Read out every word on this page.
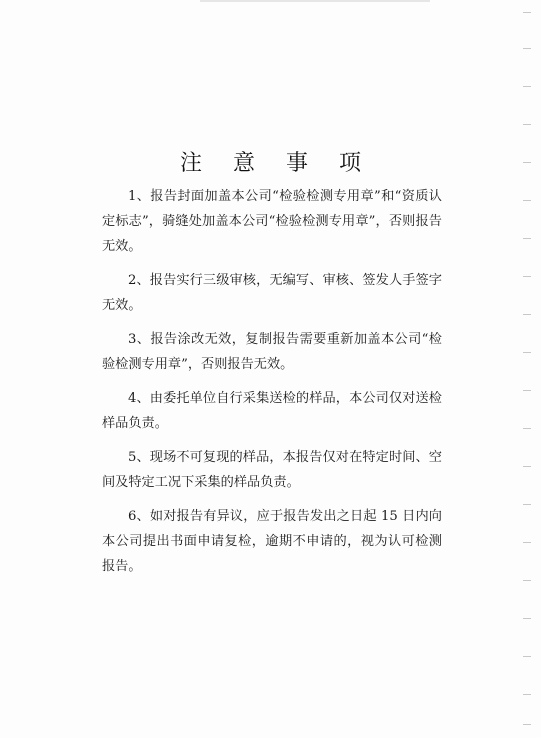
注 意 事 项

1、报告封面加盖本公司“检验检测专用章”和“资质认定标志”，骑缝处加盖本公司“检验检测专用章”，否则报告无效。

2、报告实行三级审核，无编写、审核、签发人手签字无效。

3、报告涂改无效，复制报告需要重新加盖本公司“检验检测专用章”，否则报告无效。

4、由委托单位自行采集送检的样品，本公司仅对送检样品负责。

5、现场不可复现的样品，本报告仅对在特定时间、空间及特定工况下采集的样品负责。

6、如对报告有异议，应于报告发出之日起 15 日内向本公司提出书面申请复检，逾期不申请的，视为认可检测报告。
